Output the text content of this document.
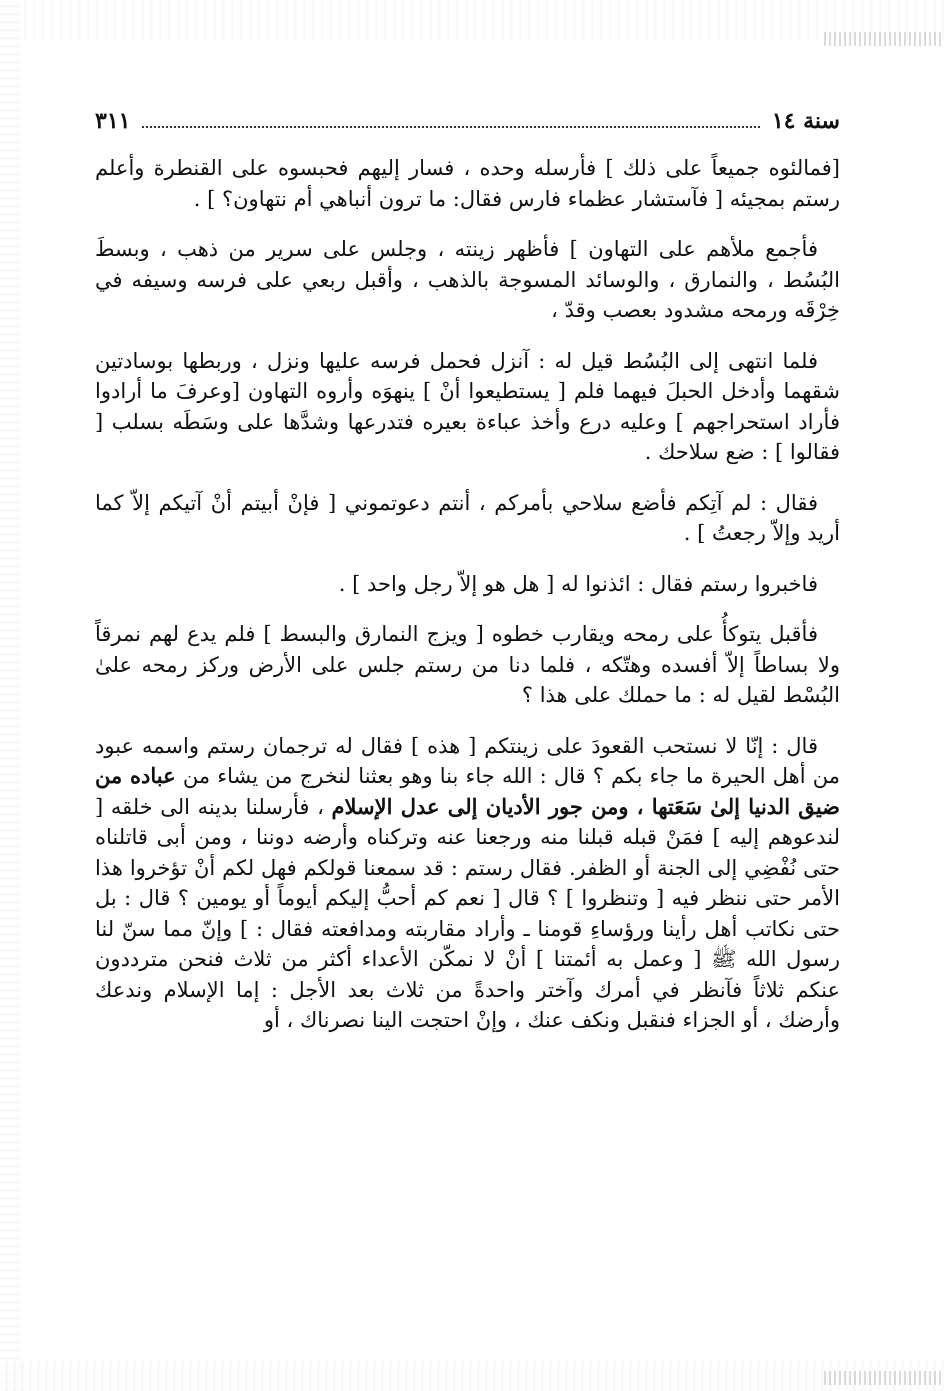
سنة ١٤
٣١١

[فمالئوه جميعاً على ذلك ] فأرسله وحده ، فسار إليهم فحبسوه على القنطرة وأعلم رستم بمجيئه [ فآستشار عظماء فارس فقال: ما ترون أنباهي أم نتهاون؟ ] .

فأجمع ملأهم على التهاون ] فأظهر زينته ، وجلس على سرير من ذهب ، وبسطَ البُسُط ، والنمارق ، والوسائد المسوجة بالذهب ، وأقبل ربعي على فرسه وسيفه في خِرْقَه ورمحه مشدود بعصب وقدّ ،

فلما انتهى إلى البُسُط قيل له : آنزل فحمل فرسه عليها ونزل ، وربطها بوسادتين شقهما وأدخل الحبلَ فيهما فلم [ يستطيعوا أنْ ] ينهوَه وأروه التهاون [وعرفَ ما أرادوا فأراد استحراجهم ] وعليه درع وأخذ عباءة بعيره فتدرعها وشدَّها على وسَطَه بسلب [ فقالوا ] : ضع سلاحك .

فقال : لم آتِكم فأضع سلاحي بأمركم ، أنتم دعوتموني [ فإنْ أبيتم أنْ آتيكم إلاّ كما أريد وإلاّ رجعتُ ] .

فاخبروا رستم فقال : ائذنوا له [ هل هو إلاّ رجل واحد ] .

فأقبل يتوكأُ على رمحه ويقارب خطوه [ ويزج النمارق والبسط ] فلم يدع لهم نمرقاً ولا بساطاً إلاّ أفسده وهتّكه ، فلما دنا من رستم جلس على الأرض وركز رمحه علىٰ البُسْط لقيل له : ما حملك على هذا ؟

قال : إنّا لا نستحب القعودَ على زينتكم [ هذه ] فقال له ترجمان رستم واسمه عبود من أهل الحيرة ما جاء بكم ؟ قال : الله جاء بنا وهو بعثنا لنخرج من يشاء من عباده من ضيق الدنيا إلىٰ سَعَتها ، ومن جور الأديان إلى عدل الإسلام ، فأرسلنا بدينه الى خلقه [ لندعوهم إليه ] فمَنْ قبله قبلنا منه ورجعنا عنه وتركناه وأرضه دوننا ، ومن أبى قاتلناه حتى نُفْضِي إلى الجنة أو الظفر. فقال رستم : قد سمعنا قولكم فهل لكم أنْ تؤخروا هذا الأمر حتى ننظر فيه [ وتنظروا ] ؟ قال [ نعم كم أحبُّ إليكم أيوماً أو يومين ؟ قال : بل حتى نكاتب أهل رأينا ورؤساءِ قومنا ـ وأراد مقاربته ومدافعته فقال : ] وإنّ مما سنّ لنا رسول الله ﷺ [ وعمل به أئمتنا ] أنْ لا نمكّن الأعداء أكثر من ثلاث فنحن مترددون عنكم ثلاثاً فآنظر في أمرك وآختر واحدةً من ثلاث بعد الأجل : إما الإسلام وندعك وأرضك ، أو الجزاء فنقبل ونكف عنك ، وإنْ احتجت الينا نصرناك ، أو
